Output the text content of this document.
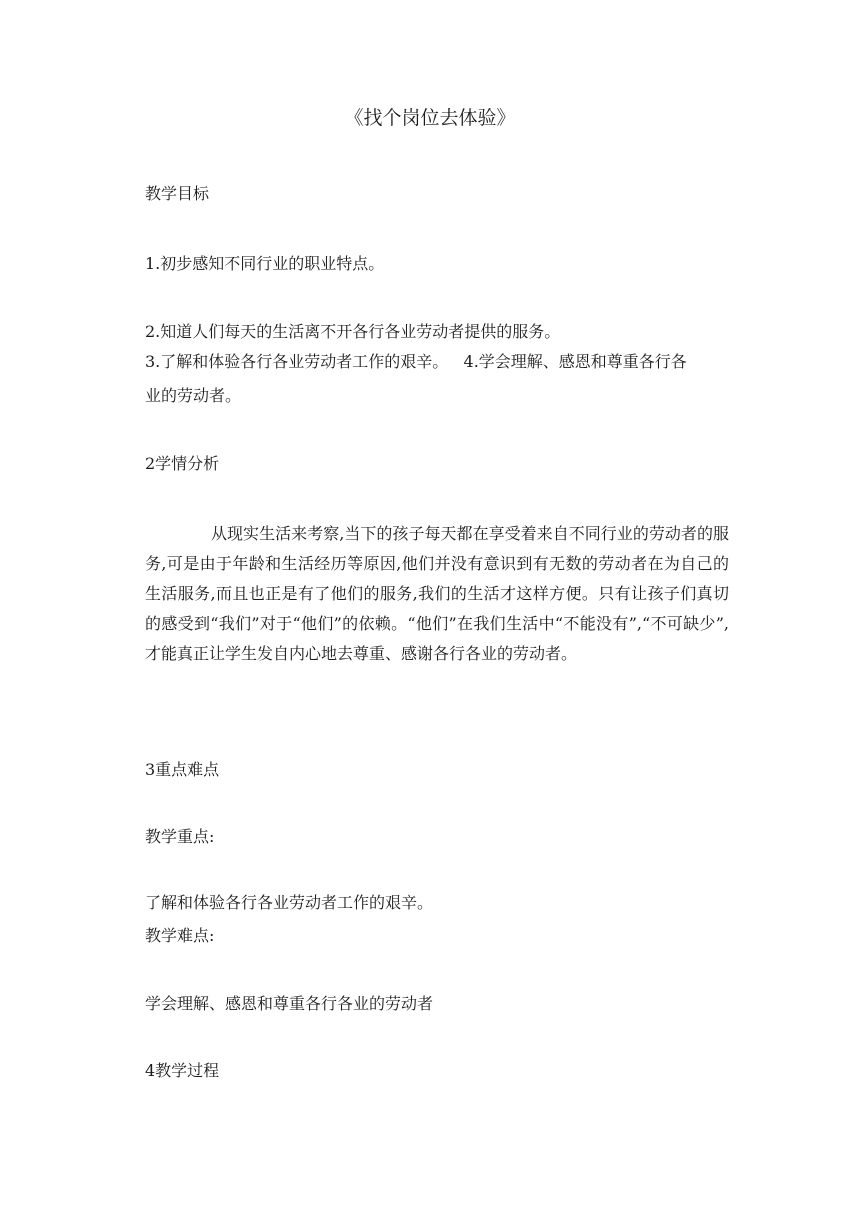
《找个岗位去体验》
教学目标
1.初步感知不同行业的职业特点。
2.知道人们每天的生活离不开各行各业劳动者提供的服务。
3.了解和体验各行各业劳动者工作的艰辛。   4.学会理解、感恩和尊重各行各
业的劳动者。
2学情分析
从现实生活来考察,当下的孩子每天都在享受着来自不同行业的劳动者的服务,可是由于年龄和生活经历等原因,他们并没有意识到有无数的劳动者在为自己的生活服务,而且也正是有了他们的服务,我们的生活才这样方便。只有让孩子们真切的感受到“我们”对于“他们”的依赖。“他们”在我们生活中“不能没有”,“不可缺少”,才能真正让学生发自内心地去尊重、感谢各行各业的劳动者。
3重点难点
教学重点:
了解和体验各行各业劳动者工作的艰辛。
教学难点:
学会理解、感恩和尊重各行各业的劳动者
4教学过程
